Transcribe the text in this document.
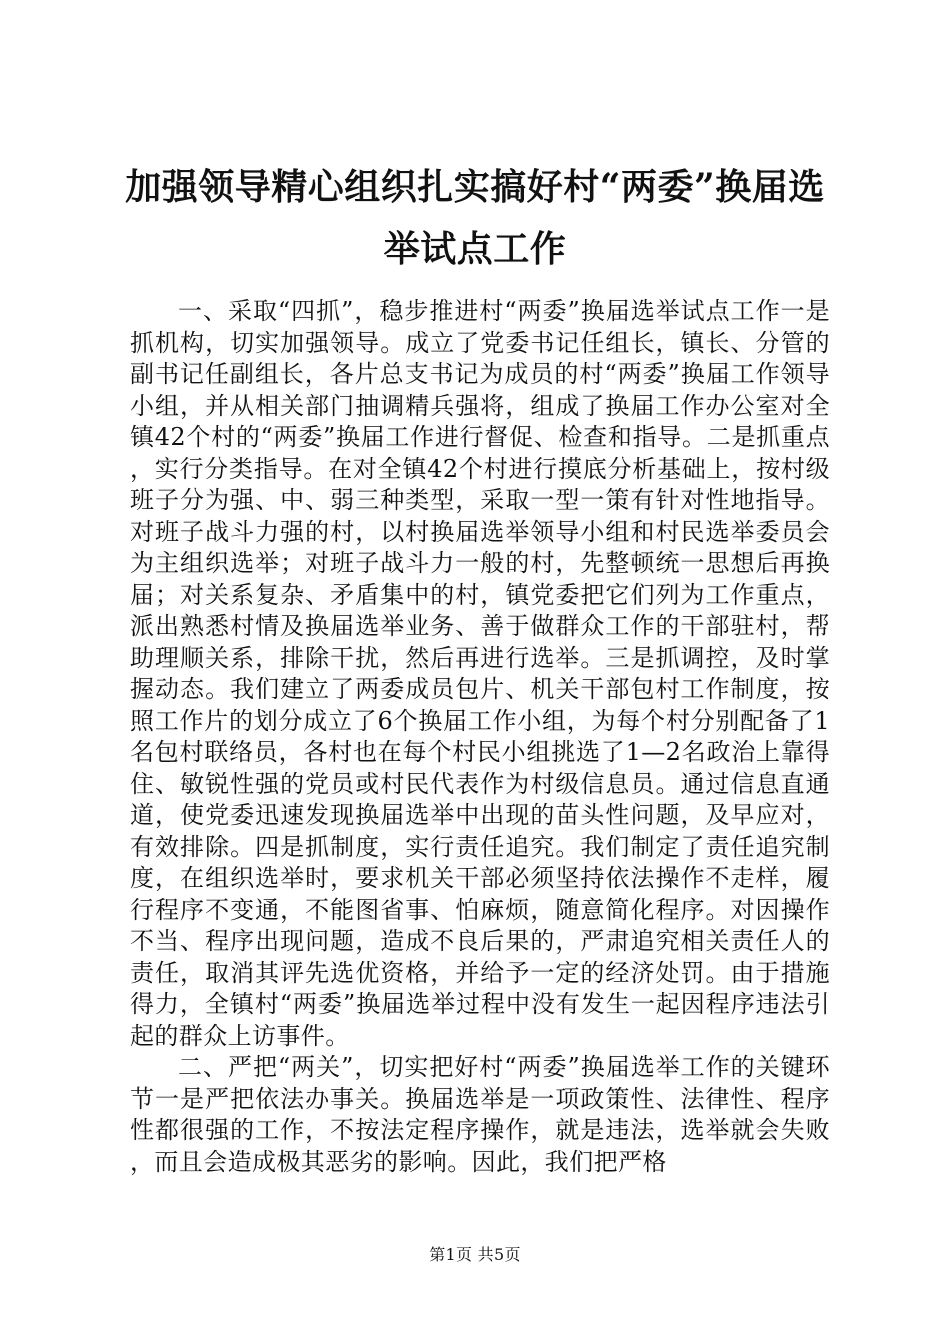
加强领导精心组织扎实搞好村“两委”换届选举试点工作

一、采取“四抓”，稳步推进村“两委”换届选举试点工作一是抓机构，切实加强领导。成立了党委书记任组长，镇长、分管的副书记任副组长，各片总支书记为成员的村“两委”换届工作领导小组，并从相关部门抽调精兵强将，组成了换届工作办公室对全镇42个村的“两委”换届工作进行督促、检查和指导。二是抓重点，实行分类指导。在对全镇42个村进行摸底分析基础上，按村级班子分为强、中、弱三种类型，采取一型一策有针对性地指导。对班子战斗力强的村，以村换届选举领导小组和村民选举委员会为主组织选举；对班子战斗力一般的村，先整顿统一思想后再换届；对关系复杂、矛盾集中的村，镇党委把它们列为工作重点，派出熟悉村情及换届选举业务、善于做群众工作的干部驻村，帮助理顺关系，排除干扰，然后再进行选举。三是抓调控，及时掌握动态。我们建立了两委成员包片、机关干部包村工作制度，按照工作片的划分成立了6个换届工作小组，为每个村分别配备了1名包村联络员，各村也在每个村民小组挑选了1—2名政治上靠得住、敏锐性强的党员或村民代表作为村级信息员。通过信息直通道，使党委迅速发现换届选举中出现的苗头性问题，及早应对，有效排除。四是抓制度，实行责任追究。我们制定了责任追究制度，在组织选举时，要求机关干部必须坚持依法操作不走样，履行程序不变通，不能图省事、怕麻烦，随意简化程序。对因操作不当、程序出现问题，造成不良后果的，严肃追究相关责任人的责任，取消其评先选优资格，并给予一定的经济处罚。由于措施得力，全镇村“两委”换届选举过程中没有发生一起因程序违法引起的群众上访事件。

二、严把“两关”，切实把好村“两委”换届选举工作的关键环节一是严把依法办事关。换届选举是一项政策性、法律性、程序性都很强的工作，不按法定程序操作，就是违法，选举就会失败，而且会造成极其恶劣的影响。因此，我们把严格

第1页 共5页
